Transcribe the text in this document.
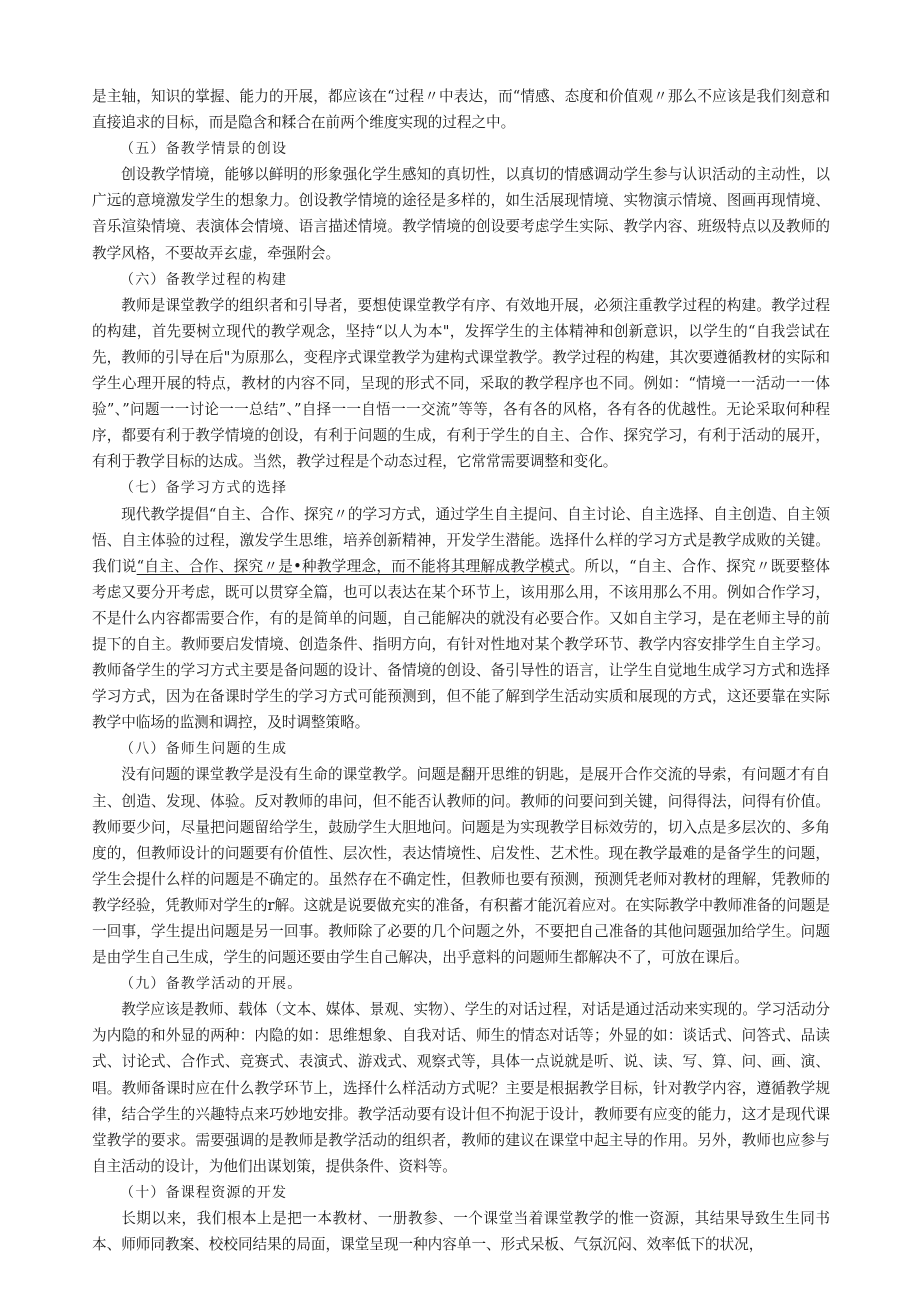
是主轴，知识的掌握、能力的开展，都应该在“过程〃中表达，而“情感、态度和价值观〃那么不应该是我们刻意和直接追求的目标，而是隐含和糅合在前两个维度实现的过程之中。

（五）备教学情景的创设

创设教学情境，能够以鲜明的形象强化学生感知的真切性，以真切的情感调动学生参与认识活动的主动性，以广远的意境激发学生的想象力。创设教学情境的途径是多样的，如生活展现情境、实物演示情境、图画再现情境、音乐渲染情境、表演体会情境、语言描述情境。教学情境的创设要考虑学生实际、教学内容、班级特点以及教师的教学风格，不要故弄玄虚，牵强附会。

（六）备教学过程的构建

教师是课堂教学的组织者和引导者，要想使课堂教学有序、有效地开展，必须注重教学过程的构建。教学过程的构建，首先要树立现代的教学观念，坚持“以人为本"，发挥学生的主体精神和创新意识，以学生的“自我尝试在先，教师的引导在后"为原那么，变程序式课堂教学为建构式课堂教学。教学过程的构建，其次要遵循教材的实际和学生心理开展的特点，教材的内容不同，呈现的形式不同，采取的教学程序也不同。例如：“情境一一活动一一体验”、”问题一一讨论一一总结”、”自择一一自悟一一交流”等等，各有各的风格，各有各的优越性。无论采取何种程序，都要有利于教学情境的创设，有利于问题的生成，有利于学生的自主、合作、探究学习，有利于活动的展开，有利于教学目标的达成。当然，教学过程是个动态过程，它常常需要调整和变化。

（七）备学习方式的选择

现代教学提倡“自主、合作、探究〃的学习方式，通过学生自主提问、自主讨论、自主选择、自主创造、自主领悟、自主体验的过程，激发学生思维，培养创新精神，开发学生潜能。选择什么样的学习方式是教学成败的关键。我们说“自主、合作、探究〃是•种教学理念，而不能将其理解成教学模式。所以，“自主、合作、探究〃既要整体考虑又要分开考虑，既可以贯穿全篇，也可以表达在某个环节上，该用那么用，不该用那么不用。例如合作学习，不是什么内容都需要合作，有的是简单的问题，自己能解决的就没有必要合作。又如自主学习，是在老师主导的前提下的自主。教师要启发情境、创造条件、指明方向，有针对性地对某个教学环节、教学内容安排学生自主学习。教师备学生的学习方式主要是备问题的设计、备情境的创设、备引导性的语言，让学生自觉地生成学习方式和选择学习方式，因为在备课时学生的学习方式可能预测到，但不能了解到学生活动实质和展现的方式，这还要靠在实际教学中临场的监测和调控，及时调整策略。

（八）备师生问题的生成

没有问题的课堂教学是没有生命的课堂教学。问题是翻开思维的钥匙，是展开合作交流的导索，有问题才有自主、创造、发现、体验。反对教师的串问，但不能否认教师的问。教师的问要问到关键，问得得法，问得有价值。教师要少问，尽量把问题留给学生，鼓励学生大胆地问。问题是为实现教学目标效劳的，切入点是多层次的、多角度的，但教师设计的问题要有价值性、层次性，表达情境性、启发性、艺术性。现在教学最难的是备学生的问题，学生会提什么样的问题是不确定的。虽然存在不确定性，但教师也要有预测，预测凭老师对教材的理解，凭教师的教学经验，凭教师对学生的r解。这就是说要做充实的准备，有积蓄才能沉着应对。在实际教学中教师准备的问题是一回事，学生提出问题是另一回事。教师除了必要的几个问题之外，不要把自己准备的其他问题强加给学生。问题是由学生自己生成，学生的问题还要由学生自己解决，出乎意料的问题师生都解决不了，可放在课后。

（九）备教学活动的开展。

教学应该是教师、载体（文本、媒体、景观、实物）、学生的对话过程，对话是通过活动来实现的。学习活动分为内隐的和外显的两种：内隐的如：思维想象、自我对话、师生的情态对话等；外显的如：谈话式、问答式、品读式、讨论式、合作式、竞赛式、表演式、游戏式、观察式等，具体一点说就是听、说、读、写、算、问、画、演、唱。教师备课时应在什么教学环节上，选择什么样活动方式呢？主要是根据教学目标，针对教学内容，遵循教学规律，结合学生的兴趣特点来巧妙地安排。教学活动要有设计但不拘泥于设计，教师要有应变的能力，这才是现代课堂教学的要求。需要强调的是教师是教学活动的组织者，教师的建议在课堂中起主导的作用。另外，教师也应参与自主活动的设计，为他们出谋划策，提供条件、资料等。

（十）备课程资源的开发

长期以来，我们根本上是把一本教材、一册教参、一个课堂当着课堂教学的惟一资源，其结果导致生生同书本、师师同教案、校校同结果的局面，课堂呈现一种内容单一、形式呆板、气氛沉闷、效率低下的状况，
